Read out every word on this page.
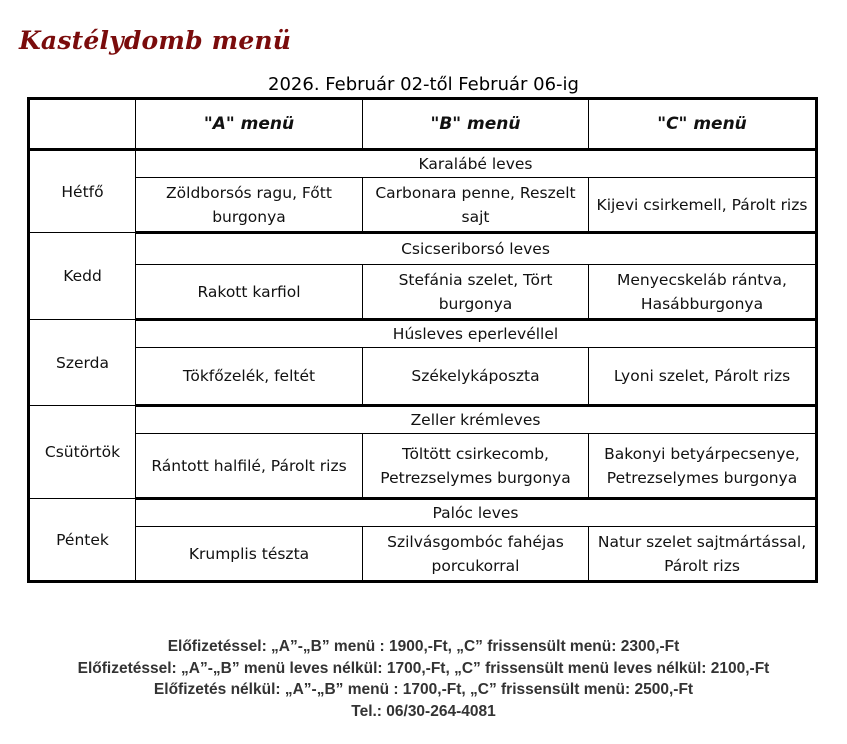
Kastélydomb menü
2026. Február 02-től Február 06-ig
	"A" menü	"B" menü	"C" menü
Hétfő	Karalábé leves		
	Zöldborsós ragu, Főtt burgonya	Carbonara penne, Reszelt sajt	Kijevi csirkemell, Párolt rizs
Kedd	Csicseriborsó leves		
	Rakott karfiol	Stefánia szelet, Tört burgonya	Menyecskeláb rántva, Hasábburgonya
Szerda	Húsleves eperlevéllel		
	Tökfőzelék, feltét	Székelykáposzta	Lyoni szelet, Párolt rizs
Csütörtök	Zeller krémleves		
	Rántott halfilé, Párolt rizs	Töltött csirkecomb, Petrezselymes burgonya	Bakonyi betyárpecsenye, Petrezselymes burgonya
Péntek	Palóc leves		
	Krumplis tészta	Szilvásgombóc fahéjas porcukorral	Natur szelet sajtmártással, Párolt rizs
Előfizetéssel: „A”-„B” menü : 1900,-Ft, „C” frissensült menü: 2300,-Ft
Előfizetéssel: „A”-„B” menü leves nélkül: 1700,-Ft, „C” frissensült menü leves nélkül: 2100,-Ft
Előfizetés nélkül: „A”-„B” menü : 1700,-Ft, „C” frissensült menü: 2500,-Ft
Tel.: 06/30-264-4081
